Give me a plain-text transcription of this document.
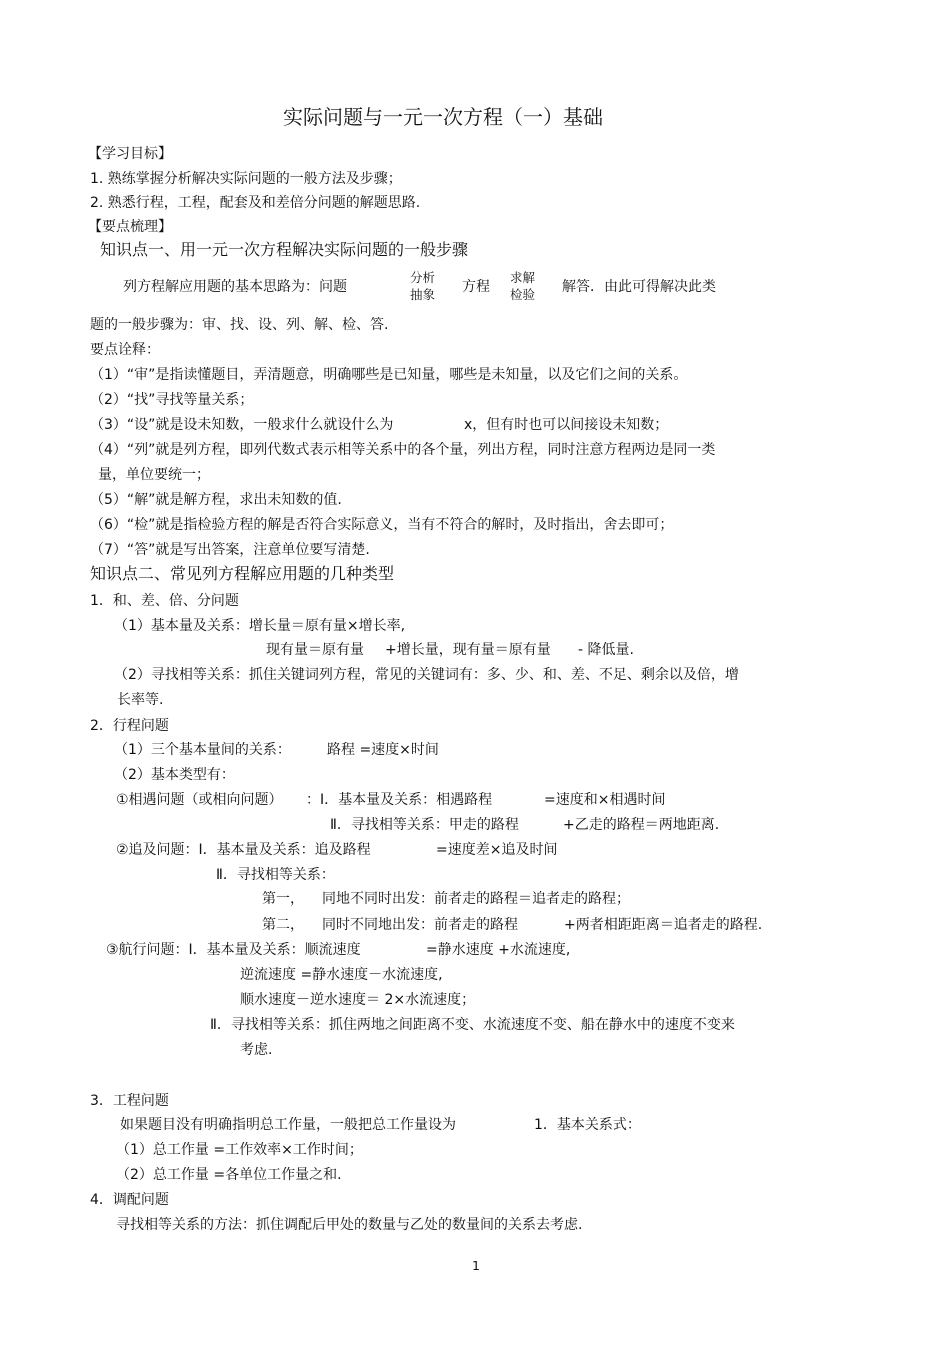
实际问题与一元一次方程（一）基础
【学习目标】
1. 熟练掌握分析解决实际问题的一般方法及步骤；
2. 熟悉行程，工程，配套及和差倍分问题的解题思路.
【要点梳理】
知识点一、用一元一次方程解决实际问题的一般步骤
列方程解应用题的基本思路为：问题
分析
抽象 方程
求解
检验 解答．由此可得解决此类
题的一般步骤为：审、找、设、列、解、检、答.
要点诠释：
（1）“审”是指读懂题目，弄清题意，明确哪些是已知量，哪些是未知量，以及它们之间的关系。
（2）“找”寻找等量关系；
（3）“设”就是设未知数，一般求什么就设什么为	x，但有时也可以间接设未知数；
（4）“列”就是列方程，即列代数式表示相等关系中的各个量，列出方程，同时注意方程两边是同一类
量，单位要统一；
（5）“解”就是解方程，求出未知数的值.
（6）“检”就是指检验方程的解是否符合实际意义，当有不符合的解时，及时指出，舍去即可；
（7）“答”就是写出答案，注意单位要写清楚.
知识点二、常见列方程解应用题的几种类型
1．和、差、倍、分问题
（1）基本量及关系：增长量＝原有量×增长率,
现有量＝原有量 +增长量，现有量＝原有量 - 降低量.
（2）寻找相等关系：抓住关键词列方程，常见的关键词有：多、少、和、差、不足、剩余以及倍，增
长率等.
2．行程问题
（1）三个基本量间的关系：	路程 =速度×时间
（2）基本类型有：
①相遇问题（或相向问题） ：Ⅰ．基本量及关系：相遇路程	=速度和×相遇时间
Ⅱ．寻找相等关系：甲走的路程	+乙走的路程＝两地距离.
②追及问题：Ⅰ．基本量及关系：追及路程	=速度差×追及时间
Ⅱ．寻找相等关系：
第一， 同地不同时出发：前者走的路程＝追者走的路程；
第二， 同时不同地出发：前者走的路程	+两者相距距离＝追者走的路程.
③航行问题：Ⅰ．基本量及关系：顺流速度	=静水速度 +水流速度,
逆流速度 =静水速度－水流速度,
顺水速度－逆水速度＝ 2×水流速度；
Ⅱ．寻找相等关系：抓住两地之间距离不变、水流速度不变、船在静水中的速度不变来
考虑.
3．工程问题
如果题目没有明确指明总工作量，一般把总工作量设为	1．基本关系式：
（1）总工作量 =工作效率×工作时间；
（2）总工作量 =各单位工作量之和.
4．调配问题
寻找相等关系的方法：抓住调配后甲处的数量与乙处的数量间的关系去考虑.
1
